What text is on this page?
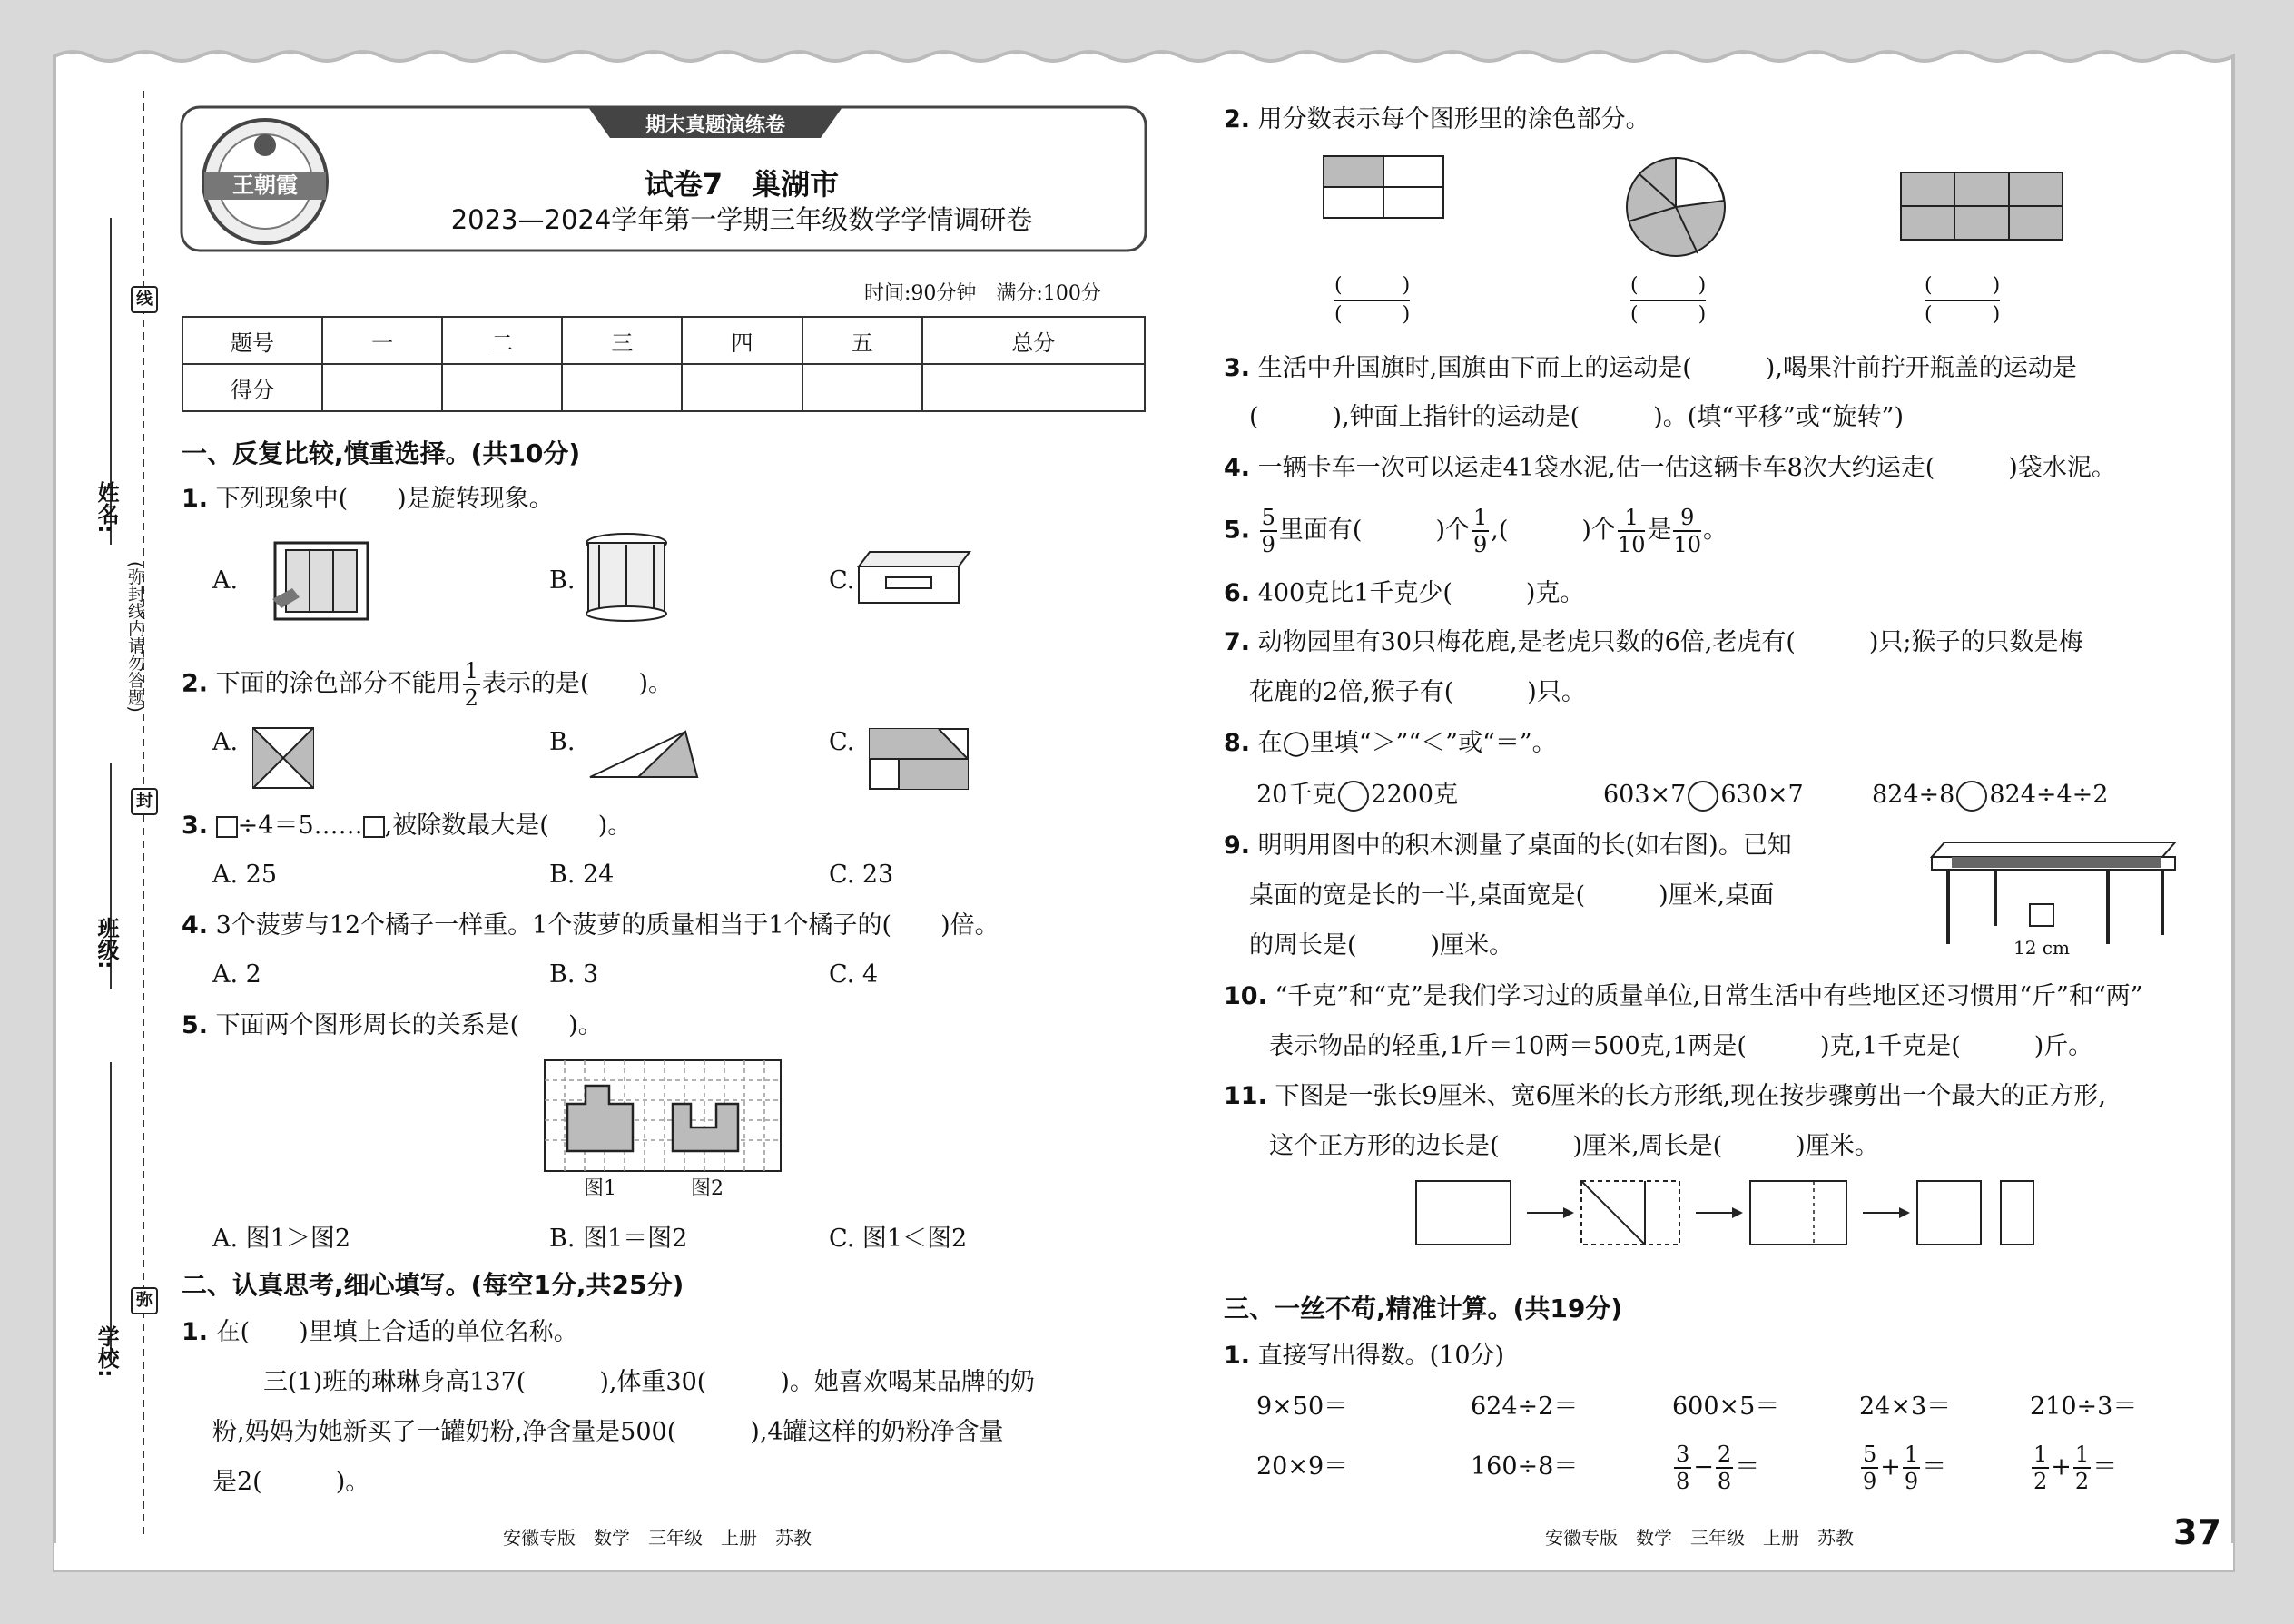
王朝霞
姓名:
班级:
学校:
(弥封线内请勿答题)
线
封
弥
期末真题演练卷
试卷7　巢湖市
2023—2024学年第一学期三年级数学学情调研卷
时间:90分钟　满分:100分
题号	一	二	三	四	五	总分
得分						
一、反复比较,慎重选择。(共10分)
1. 下列现象中(　　)是旋转现象。
A.	B.	C.
2. 下面的涂色部分不能用 $\frac{1}{2}$ 表示的是(　　)。
A.	B.	C.
3. ÷4＝5…… ,被除数最大是(　　)。
A. 25	B. 24	C. 23
4. 3个菠萝与12个橘子一样重。1个菠萝的质量相当于1个橘子的(　　)倍。
A. 2	B. 3	C. 4
5. 下面两个图形周长的关系是(　　)。
图1	图2
A. 图1＞图2	B. 图1＝图2	C. 图1＜图2
二、认真思考,细心填写。(每空1分,共25分)
1. 在(　　)里填上合适的单位名称。
三(1)班的琳琳身高137(　　　),体重30(　　　)。她喜欢喝某品牌的奶
粉,妈妈为她新买了一罐奶粉,净含量是500(　　　),4罐这样的奶粉净含量
是2(　　　)。
2. 用分数表示每个图形里的涂色部分。
(　　　)
(　　　)
(　　　)
(　　　)
(　　　)
(　　　)
3. 生活中升国旗时,国旗由下而上的运动是(　　　),喝果汁前拧开瓶盖的运动是
(　　　),钟面上指针的运动是(　　　)。(填“平移”或“旋转”)
4. 一辆卡车一次可以运走41袋水泥,估一估这辆卡车8次大约运走(　　　)袋水泥。
5. $\frac{5}{9}$ 里面有(　　　)个 $\frac{1}{9}$ ,(　　　)个 $\frac{1}{10}$ 是 $\frac{9}{10}$ 。
6. 400克比1千克少(　　　)克。
7. 动物园里有30只梅花鹿,是老虎只数的6倍,老虎有(　　　)只;猴子的只数是梅
花鹿的2倍,猴子有(　　　)只。
8. 在◯里填“＞”“＜”或“＝”。
20千克 2200克	603×7 630×7	824÷8 824÷4÷2
9. 明明用图中的积木测量了桌面的长(如右图)。已知
桌面的宽是长的一半,桌面宽是(　　　)厘米,桌面
的周长是(　　　)厘米。	12 cm
10. “千克”和“克”是我们学习过的质量单位,日常生活中有些地区还习惯用“斤”和“两”
表示物品的轻重,1斤＝10两＝500克,1两是(　　　)克,1千克是(　　　)斤。
11. 下图是一张长9厘米、宽6厘米的长方形纸,现在按步骤剪出一个最大的正方形,
这个正方形的边长是(　　　)厘米,周长是(　　　)厘米。
三、一丝不苟,精准计算。(共19分)
1. 直接写出得数。(10分)
9×50＝	624÷2＝	600×5＝	24×3＝	210÷3＝
20×9＝	160÷8＝	$\frac{3}{8} - \frac{2}{8}$ ＝	$\frac{5}{9} + \frac{1}{9}$ ＝	$\frac{1}{2} + \frac{1}{2}$ ＝
安徽专版　数学　三年级　上册　苏教	安徽专版　数学　三年级　上册　苏教	37
